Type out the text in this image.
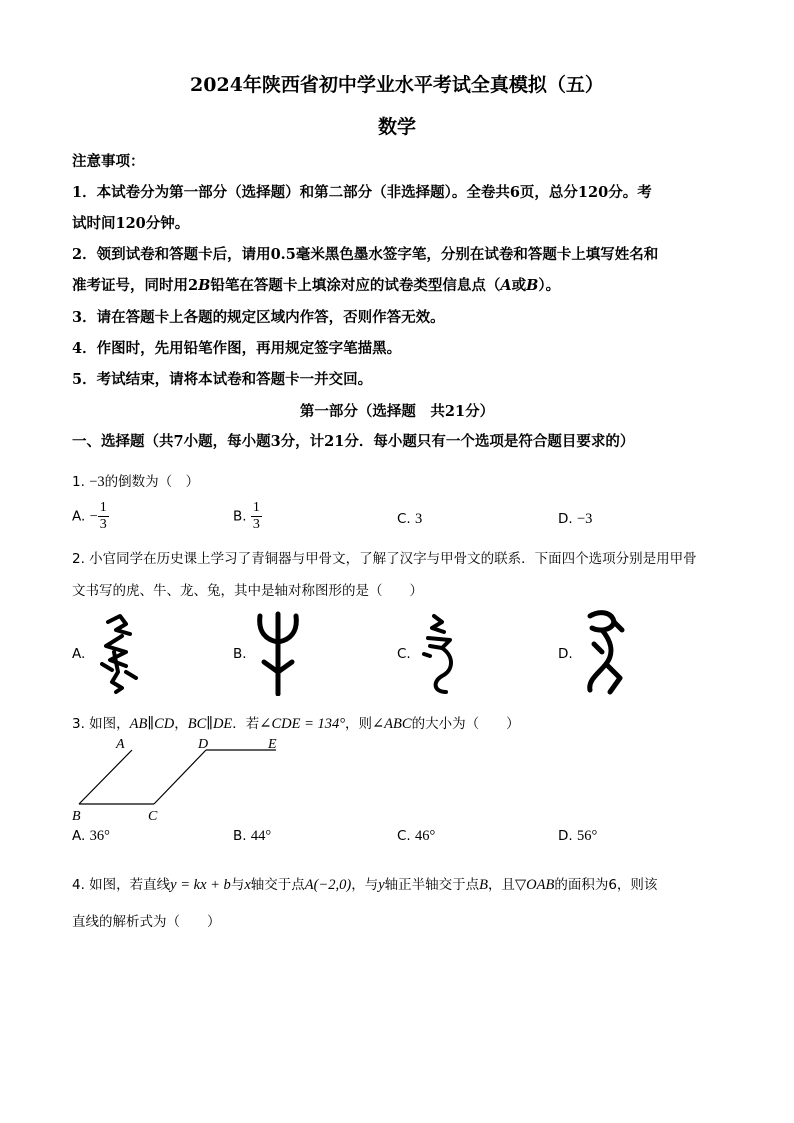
2024年陕西省初中学业水平考试全真模拟（五）
数学
注意事项：
1．本试卷分为第一部分（选择题）和第二部分（非选择题）。全卷共6页，总分120分。考
试时间120分钟。
2．领到试卷和答题卡后，请用0.5毫米黑色墨水签字笔，分别在试卷和答题卡上填写姓名和
准考证号，同时用2B铅笔在答题卡上填涂对应的试卷类型信息点（A或B）。
3．请在答题卡上各题的规定区域内作答，否则作答无效。
4．作图时，先用铅笔作图，再用规定签字笔描黑。
5．考试结束，请将本试卷和答题卡一并交回。
第一部分（选择题　共21分）
一、选择题（共7小题，每小题3分，计21分．每小题只有一个选项是符合题目要求的）
1. −3的倒数为（　）
A. − $\frac{1}{3}$	B. $\frac{1}{3}$	C. 3	D. −3
2. 小官同学在历史课上学习了青铜器与甲骨文，了解了汉字与甲骨文的联系．下面四个选项分别是用甲骨
文书写的虎、牛、龙、兔，其中是轴对称图形的是（　　）
A.	B.	C.	D.
3. 如图，AB∥CD，BC∥DE．若∠CDE = 134°，则∠ABC的大小为（　　）
A
B	C
D	E
A. 36°	B. 44°	C. 46°	D. 56°
4. 如图，若直线y = kx + b与x轴交于点A(−2,0)，与y轴正半轴交于点B，且▽OAB的面积为6，则该
直线的解析式为（　　）
